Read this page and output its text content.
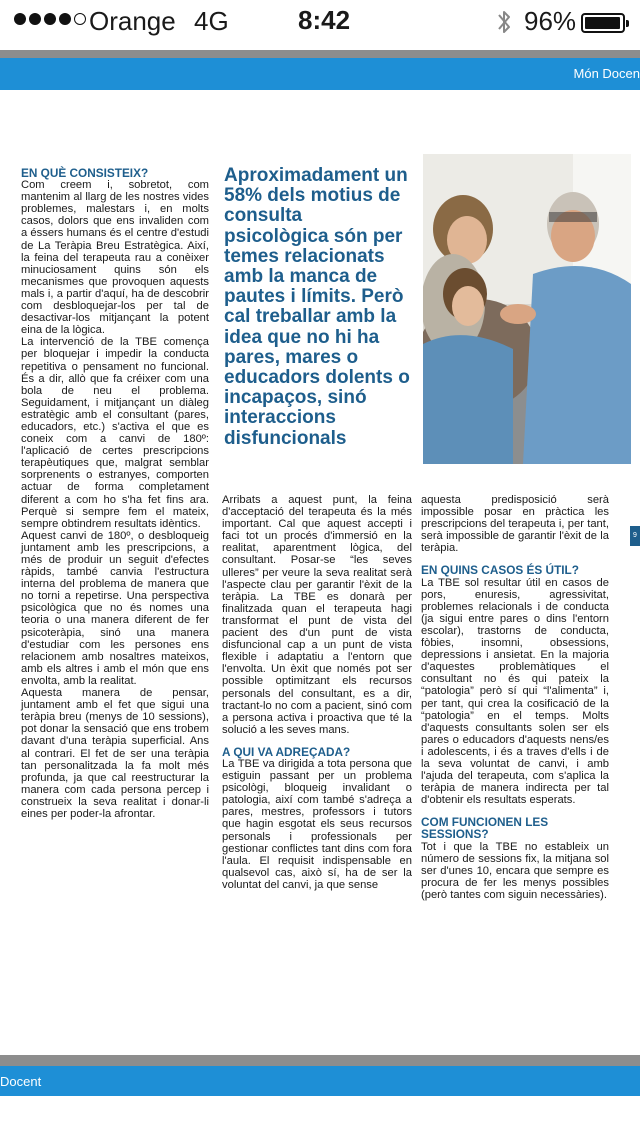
Orange 4G	8:42	96%
Món Docen

EN QUÈ CONSISTEIX?

Com creem i, sobretot, com mantenim al llarg de les nostres vides problemes, malestars i, en molts casos, dolors que ens invaliden com a éssers humans és el centre d'estudi de La Teràpia Breu Estratègica. Així, la feina del terapeuta rau a conèixer minuciosament quins són els mecanismes que provoquen aquests mals i, a partir d'aquí, ha de descobrir com desbloquejar-los per tal de desactivar-los mitjançant la potent eina de la lògica.

La intervenció de la TBE comença per bloquejar i impedir la conducta repetitiva o pensament no funcional. És a dir, allò que fa créixer com una bola de neu el problema. Seguidament, i mitjançant un diàleg estratègic amb el consultant (pares, educadors, etc.) s'activa el que es coneix com a canvi de 180º: l'aplicació de certes prescripcions terapèutiques que, malgrat semblar sorprenents o estranyes, comporten actuar de forma completament diferent a com ho s'ha fet fins ara. Perquè si sempre fem el mateix, sempre obtindrem resultats idèntics.

Aquest canvi de 180º, o desbloqueig juntament amb les prescripcions, a més de produir un seguit d'efectes ràpids, també canvia l'estructura interna del problema de manera que no torni a repetirse. Una perspectiva psicològica que no és nomes una teoria o una manera diferent de fer psicoteràpia, sinó una manera d'estudiar com les persones ens relacionem amb nosaltres mateixos, amb els altres i amb el món que ens envolta, amb la realitat.

Aquesta manera de pensar, juntament amb el fet que sigui una teràpia breu (menys de 10 sessions), pot donar la sensació que ens trobem davant d'una teràpia superficial. Ans al contrari. El fet de ser una teràpia tan personalitzada la fa molt més profunda, ja que cal reestructurar la manera com cada persona percep i construeix la seva realitat i donar-li eines per poder-la afrontar.

Aproximadament un 58% dels motius de consulta psicològica són per temes relacionats amb la manca de pautes i límits. Però cal treballar amb la idea que no hi ha pares, mares o educadors dolents o incapaços, sinó interaccions disfuncionals

9

Arribats a aquest punt, la feina d'acceptació del terapeuta és la més important. Cal que aquest accepti i faci tot un procés d'immersió en la realitat, aparentment lògica, del consultant. Posar-se “les seves ulleres” per veure la seva realitat serà l'aspecte clau per garantir l'èxit de la teràpia. La TBE es donarà per finalitzada quan el terapeuta hagi transformat el punt de vista del pacient des d'un punt de vista disfuncional cap a un punt de vista flexible i adaptatiu a l'entorn que l'envolta. Un èxit que només pot ser possible optimitzant els recursos personals del consultant, es a dir, tractant-lo no com a pacient, sinó com a persona activa i proactiva que té la solució a les seves mans.

A QUI VA ADREÇADA?

La TBE va dirigida a tota persona que estiguin passant per un problema psicològi, bloqueig invalidant o patologia, així com també s'adreça a pares, mestres, professors i tutors que hagin esgotat els seus recursos personals i professionals per gestionar conflictes tant dins com fora l'aula. El requisit indispensable en qualsevol cas, això sí, ha de ser la voluntat del canvi, ja que sense

aquesta predisposició serà impossible posar en pràctica les prescripcions del terapeuta i, per tant, serà impossible de garantir l'èxit de la teràpia.

EN QUINS CASOS ÉS ÚTIL?

La TBE sol resultar útil en casos de pors, enuresis, agressivitat, problemes relacionals i de conducta (ja sigui entre pares o dins l'entorn escolar), trastorns de conducta, fòbies, insomni, obsessions, depressions i ansietat. En la majoria d'aquestes problemàtiques el consultant no és qui pateix la “patologia” però sí qui “l'alimenta” i, per tant, qui crea la cosificació de la “patologia” en el temps. Molts d'aquests consultants solen ser els pares o educadors d'aquests nens/es i adolescents, i és a traves d'ells i de la seva voluntat de canvi, i amb l'ajuda del terapeuta, com s'aplica la teràpia de manera indirecta per tal d'obtenir els resultats esperats.

COM FUNCIONEN LES SESSIONS?

Tot i que la TBE no estableix un número de sessions fix, la mitjana sol ser d'unes 10, encara que sempre es procura de fer les menys possibles (però tantes com siguin necessàries).

Docent
